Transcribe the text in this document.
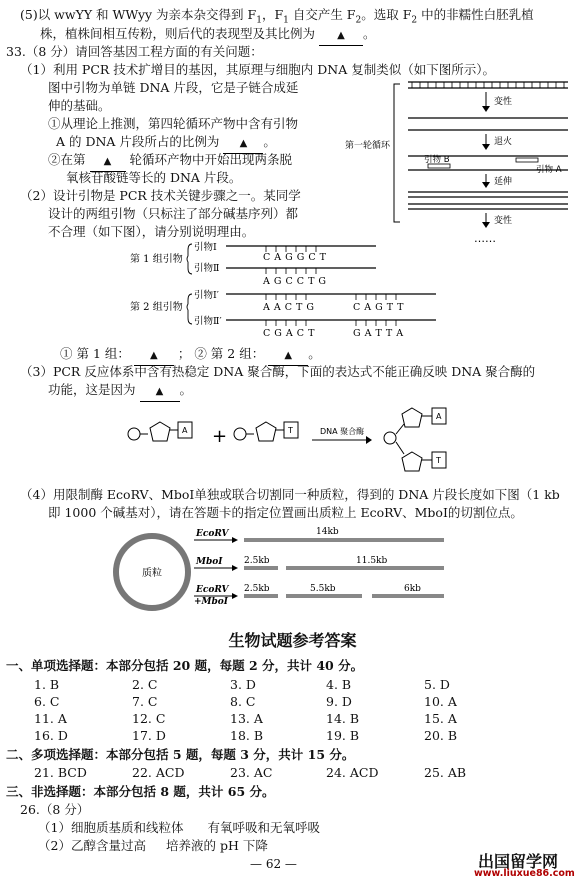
(5)以 wwYY 和 WWyy 为亲本杂交得到 $F_1$，$F_1$ 自交产生 $F_2$。选取 $F_2$ 中的非糯性白胚乳植
株，植株间相互传粉，则后代的表现型及其比例为 ▲ 。
33.（8 分）请回答基因工程方面的有关问题：
（1）利用 PCR 技术扩增目的基因，其原理与细胞内 DNA 复制类似（如下图所示）。
图中引物为单链 DNA 片段，它是子链合成延
伸的基础。
①从理论上推测，第四轮循环产物中含有引物
A 的 DNA 片段所占的比例为 ▲ 。
②在第 ▲ 轮循环产物中开始出现两条脱
氧核苷酸链等长的 DNA 片段。
（2）设计引物是 PCR 技术关键步骤之一。某同学
设计的两组引物（只标注了部分碱基序列）都
不合理（如下图），请分别说明理由。
第一轮循环
变性
退火
引物 A
引物 B
延伸
变性
……
第 1 组引物
引物Ⅰ
C A G G C T
引物Ⅱ
A G C C T G
第 2 组引物
引物Ⅰ′
A A C T G	C A G T T
引物Ⅱ′
C G A C T	G A T T A
① 第 1 组： ▲ ； ② 第 2 组： ▲ 。
（3）PCR 反应体系中含有热稳定 DNA 聚合酶，下面的表达式不能正确反映 DNA 聚合酶的
功能，这是因为 ▲ 。
A +	T	DNA 聚合酶
A
T
（4）用限制酶 EcoRV、MboⅠ单独或联合切割同一种质粒，得到的 DNA 片段长度如下图（1 kb
即 1000 个碱基对），请在答题卡的指定位置画出质粒上 EcoRV、MboⅠ的切割位点。
质粒
EcoRV
MboI
EcoRV
+MboI
14kb
2.5kb	11.5kb
2.5kb	5.5kb	6kb
生物试题参考答案
一、单项选择题：本部分包括 20 题，每题 2 分，共计 40 分。
1. B	2. C	3. D	4. B	5. D
6. C	7. C	8. C	9. D	10. A
11. A	12. C	13. A	14. B	15. A
16. D	17. D	18. B	19. B	20. B
二、多项选择题：本部分包括 5 题，每题 3 分，共计 15 分。
21. BCD	22. ACD	23. AC	24. ACD	25. AB
三、非选择题：本部分包括 8 题，共计 65 分。
26.（8 分）
（1）细胞质基质和线粒体 有氧呼吸和无氧呼吸
（2）乙醇含量过高 培养液的 pH 下降
— 62 —	出国留学网
www.liuxue86.com
